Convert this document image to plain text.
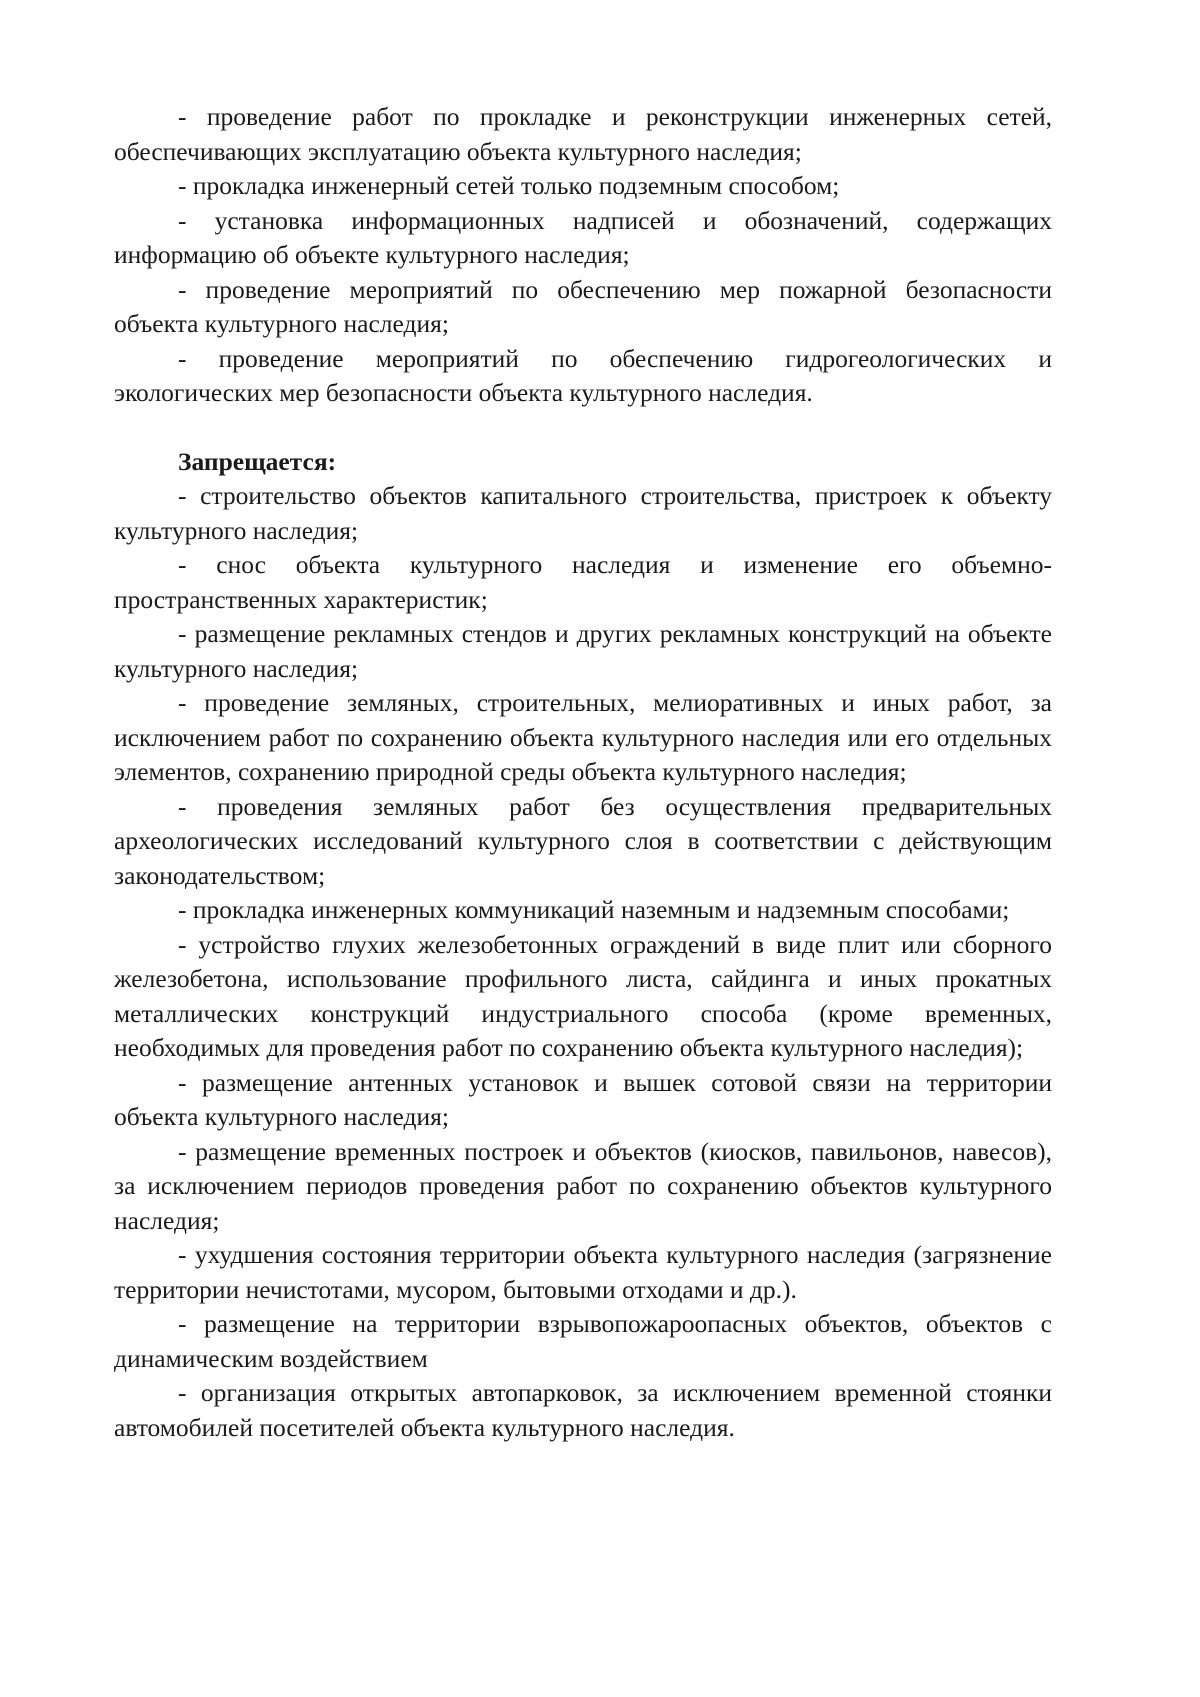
- проведение работ по прокладке и реконструкции инженерных сетей, обеспечивающих эксплуатацию объекта культурного наследия;

- прокладка инженерный сетей только подземным способом;

- установка информационных надписей и обозначений, содержащих информацию об объекте культурного наследия;

- проведение мероприятий по обеспечению мер пожарной безопасности объекта культурного наследия;

- проведение мероприятий по обеспечению гидрогеологических и экологических мер безопасности объекта культурного наследия.

Запрещается:

- строительство объектов капитального строительства, пристроек к объекту культурного наследия;

- снос объекта культурного наследия и изменение его объемно-пространственных характеристик;

- размещение рекламных стендов и других рекламных конструкций на объекте культурного наследия;

- проведение земляных, строительных, мелиоративных и иных работ, за исключением работ по сохранению объекта культурного наследия или его отдельных элементов, сохранению природной среды объекта культурного наследия;

- проведения земляных работ без осуществления предварительных археологических исследований культурного слоя в соответствии с действующим законодательством;

- прокладка инженерных коммуникаций наземным и надземным способами;

- устройство глухих железобетонных ограждений в виде плит или сборного железобетона, использование профильного листа, сайдинга и иных прокатных металлических конструкций индустриального способа (кроме временных, необходимых для проведения работ по сохранению объекта культурного наследия);

- размещение антенных установок и вышек сотовой связи на территории объекта культурного наследия;

- размещение временных построек и объектов (киосков, павильонов, навесов), за исключением периодов проведения работ по сохранению объектов культурного наследия;

- ухудшения состояния территории объекта культурного наследия (загрязнение территории нечистотами, мусором, бытовыми отходами и др.).

- размещение на территории взрывопожароопасных объектов, объектов с динамическим воздействием

- организация открытых автопарковок, за исключением временной стоянки автомобилей посетителей объекта культурного наследия.
